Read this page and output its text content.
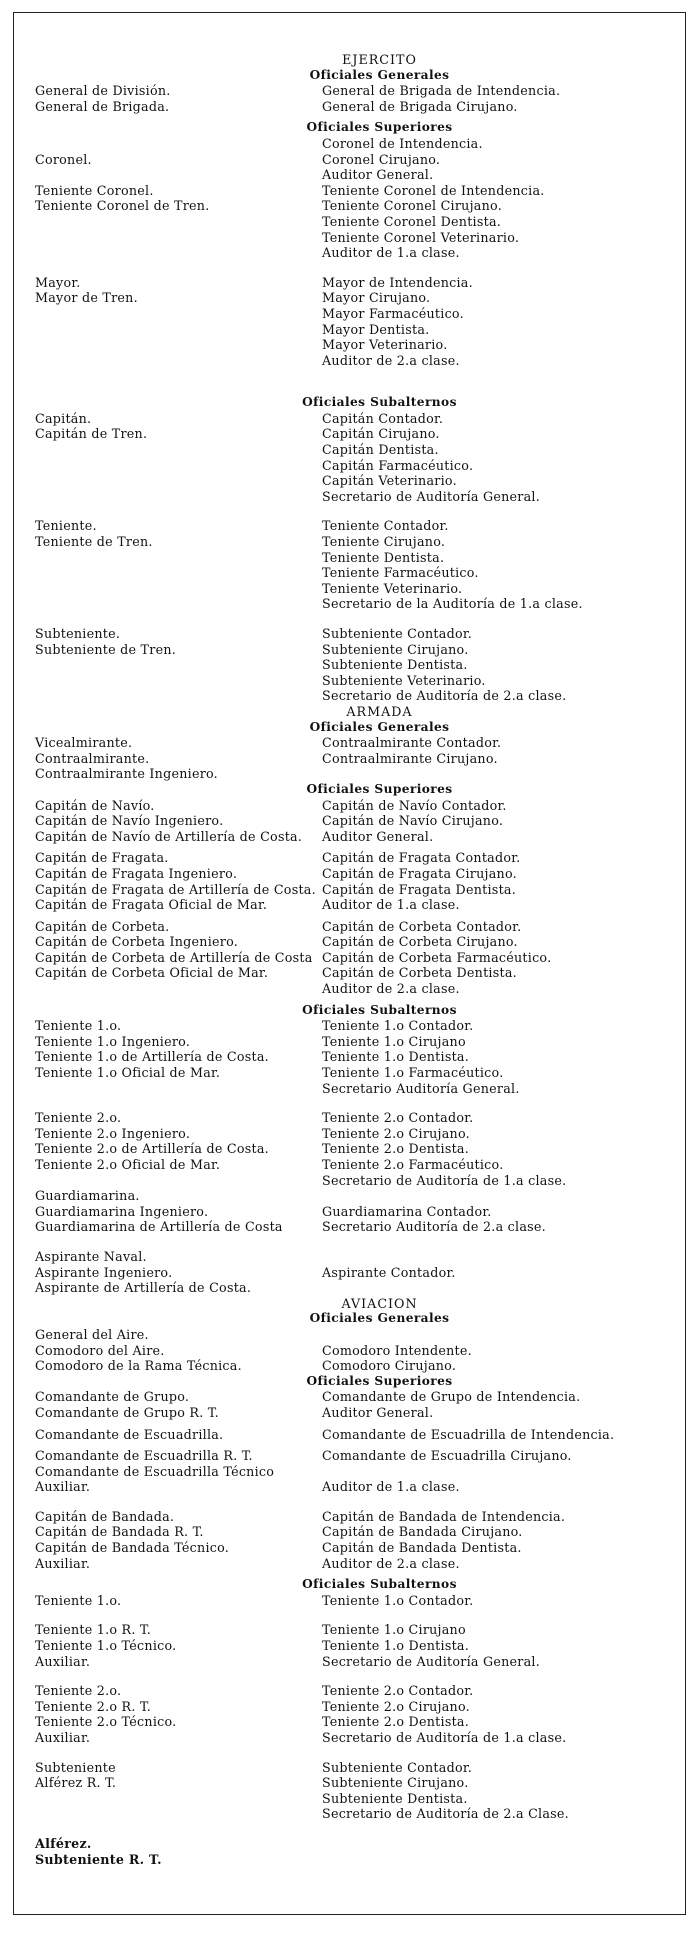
EJERCITO
Oficiales Generales
General de División.
General de Brigada.
General de Brigada de Intendencia.
General de Brigada Cirujano.
Oficiales Superiores

Coronel.

Teniente Coronel.
Teniente Coronel de Tren.
Coronel de Intendencia.
Coronel Cirujano.
Auditor General.
Teniente Coronel de Intendencia.
Teniente Coronel Cirujano.
Teniente Coronel Dentista.
Teniente Coronel Veterinario.
Auditor de 1.a clase.
Mayor.
Mayor de Tren.
Mayor de Intendencia.
Mayor Cirujano.
Mayor Farmacéutico.
Mayor Dentista.
Mayor Veterinario.
Auditor de 2.a clase.
Oficiales Subalternos
Capitán.
Capitán de Tren.
Capitán Contador.
Capitán Cirujano.
Capitán Dentista.
Capitán Farmacéutico.
Capitán Veterinario.
Secretario de Auditoría General.
Teniente.
Teniente de Tren.
Teniente Contador.
Teniente Cirujano.
Teniente Dentista.
Teniente Farmacéutico.
Teniente Veterinario.
Secretario de la Auditoría de 1.a clase.
Subteniente.
Subteniente de Tren.
Subteniente Contador.
Subteniente Cirujano.
Subteniente Dentista.
Subteniente Veterinario.
Secretario de Auditoría de 2.a clase.
ARMADA
Oficiales Generales
Vicealmirante.
Contraalmirante.
Contraalmirante Ingeniero.
Contraalmirante Contador.
Contraalmirante Cirujano.
Oficiales Superiores
Capitán de Navío.
Capitán de Navío Ingeniero.
Capitán de Navío de Artillería de Costa.
Capitán de Navío Contador.
Capitán de Navío Cirujano.
Auditor General.
Capitán de Fragata.
Capitán de Fragata Ingeniero.
Capitán de Fragata de Artillería de Costa.
Capitán de Fragata Oficial de Mar.
Capitán de Fragata Contador.
Capitán de Fragata Cirujano.
Capitán de Fragata Dentista.
Auditor de 1.a clase.
Capitán de Corbeta.
Capitán de Corbeta Ingeniero.
Capitán de Corbeta de Artillería de Costa
Capitán de Corbeta Oficial de Mar.
Capitán de Corbeta Contador.
Capitán de Corbeta Cirujano.
Capitán de Corbeta Farmacéutico.
Capitán de Corbeta Dentista.
Auditor de 2.a clase.
Oficiales Subalternos
Teniente 1.o.
Teniente 1.o Ingeniero.
Teniente 1.o de Artillería de Costa.
Teniente 1.o Oficial de Mar.
Teniente 1.o Contador.
Teniente 1.o Cirujano
Teniente 1.o Dentista.
Teniente 1.o Farmacéutico.
Secretario Auditoría General.
Teniente 2.o.
Teniente 2.o Ingeniero.
Teniente 2.o de Artillería de Costa.
Teniente 2.o Oficial de Mar.
Teniente 2.o Contador.
Teniente 2.o Cirujano.
Teniente 2.o Dentista.
Teniente 2.o Farmacéutico.
Secretario de Auditoría de 1.a clase.
Guardiamarina.
Guardiamarina Ingeniero.
Guardiamarina de Artillería de Costa

Guardiamarina Contador.
Secretario Auditoría de 2.a clase.
Aspirante Naval.
Aspirante Ingeniero.
Aspirante de Artillería de Costa.

Aspirante Contador.
AVIACION
Oficiales Generales
General del Aire.
Comodoro del Aire.
Comodoro de la Rama Técnica.

Comodoro Intendente.
Comodoro Cirujano.
Oficiales Superiores
Comandante de Grupo.
Comandante de Grupo R. T.
Comandante de Grupo de Intendencia.
Auditor General.
Comandante de Escuadrilla.	Comandante de Escuadrilla de Intendencia.
Comandante de Escuadrilla R. T.
Comandante de Escuadrilla Técnico Auxiliar.
Comandante de Escuadrilla Cirujano.

Auditor de 1.a clase.
Capitán de Bandada.
Capitán de Bandada R. T.
Capitán de Bandada Técnico.
Auxiliar.
Capitán de Bandada de Intendencia.
Capitán de Bandada Cirujano.
Capitán de Bandada Dentista.
Auditor de 2.a clase.
Oficiales Subalternos
Teniente 1.o.	Teniente 1.o Contador.
Teniente 1.o R. T.
Teniente 1.o Técnico.
Auxiliar.
Teniente 1.o Cirujano
Teniente 1.o Dentista.
Secretario de Auditoría General.
Teniente 2.o.
Teniente 2.o R. T.
Teniente 2.o Técnico.
Auxiliar.
Teniente 2.o Contador.
Teniente 2.o Cirujano.
Teniente 2.o Dentista.
Secretario de Auditoría de 1.a clase.
Subteniente
Alférez R. T.
Subteniente Contador.
Subteniente Cirujano.
Subteniente Dentista.
Secretario de Auditoría de 2.a Clase.
Alférez.
Subteniente R. T.
